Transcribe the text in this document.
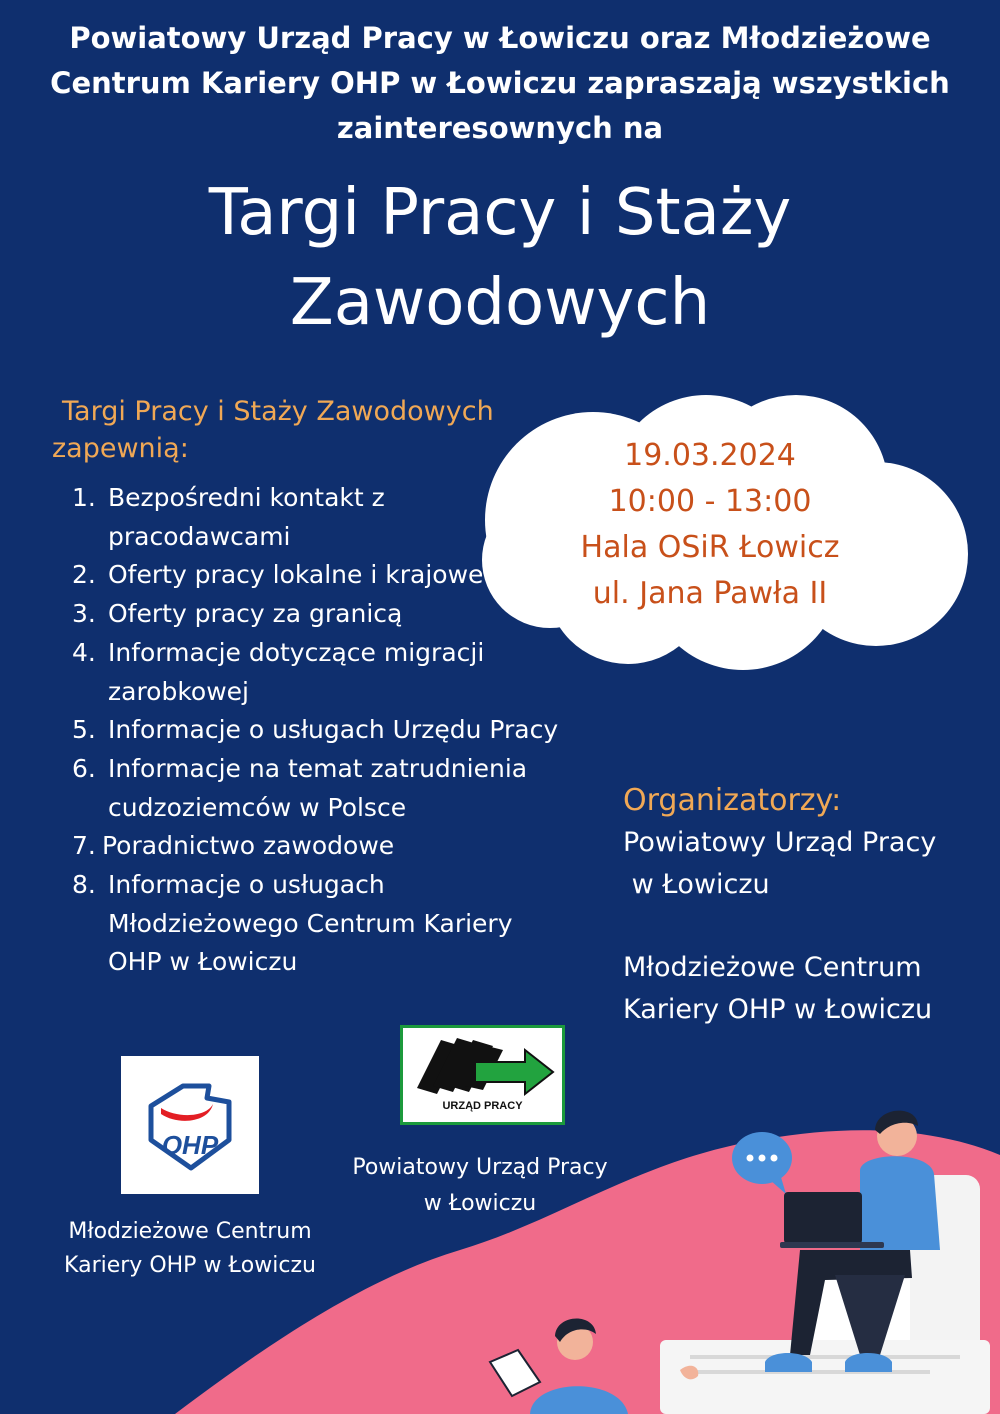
Powiatowy Urząd Pracy w Łowiczu oraz Młodzieżowe
Centrum Kariery OHP w Łowiczu zapraszają wszystkich
zainteresownych na
Targi Pracy i Staży
Zawodowych
Targi Pracy i Staży Zawodowych
zapewnią:
1. Bezpośredni kontakt z
pracodawcami
2. Oferty pracy lokalne i krajowe
3. Oferty pracy za granicą
4. Informacje dotyczące migracji
zarobkowej
5. Informacje o usługach Urzędu Pracy
6. Informacje na temat zatrudnienia
cudzoziemców w Polsce
7. Poradnictwo zawodowe
8. Informacje o usługach
Młodzieżowego Centrum Kariery
OHP w Łowiczu
19.03.2024
10:00 - 13:00
Hala OSiR Łowicz
ul. Jana Pawła II
Organizatorzy:
Powiatowy Urząd Pracy
w Łowiczu
Młodzieżowe Centrum
Kariery OHP w Łowiczu
OHP
URZĄD PRACY
Powiatowy Urząd Pracy
w Łowiczu
Młodzieżowe Centrum
Kariery OHP w Łowiczu
